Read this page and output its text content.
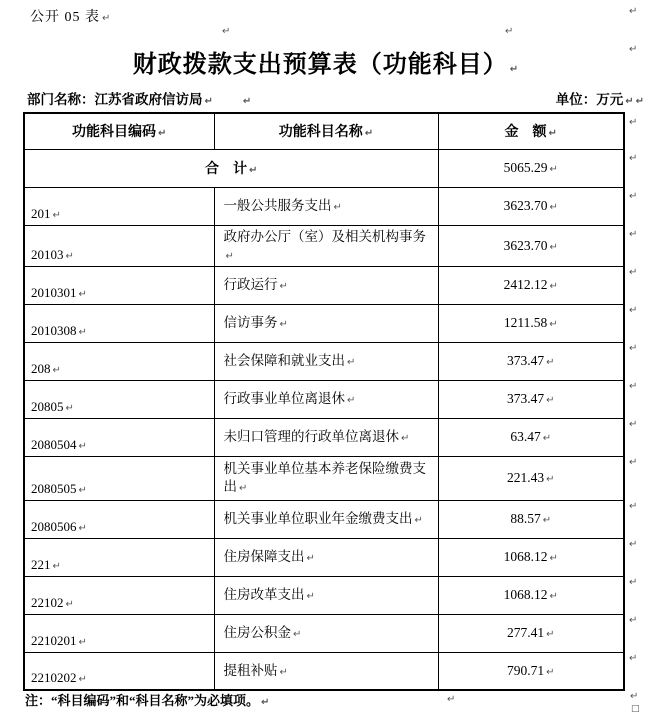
公开 05 表 ↵
↵
↵	↵
↵
财政拨款支出预算表（功能科目） ↵
部门名称：江苏省政府信访局 ↵	↵	单位：万元 ↵ ↵
功能科目编码 ↵	功能科目名称 ↵	金　额 ↵
合　计 ↵		5065.29 ↵
201 ↵	一般公共服务支出 ↵	3623.70 ↵
20103 ↵	政府办公厅（室）及相关机构事务↵	3623.70 ↵
2010301 ↵	行政运行 ↵	2412.12 ↵
2010308 ↵	信访事务 ↵	1211.58 ↵
208 ↵	社会保障和就业支出 ↵	373.47 ↵
20805 ↵	行政事业单位离退休 ↵	373.47 ↵
2080504 ↵	未归口管理的行政单位离退休 ↵	63.47 ↵
2080505 ↵	机关事业单位基本养老保险缴费支出 ↵	221.43 ↵
2080506 ↵	机关事业单位职业年金缴费支出 ↵	88.57 ↵
221 ↵	住房保障支出 ↵	1068.12 ↵
22102 ↵	住房改革支出 ↵	1068.12 ↵
2210201 ↵	住房公积金 ↵	277.41 ↵
2210202 ↵	提租补贴 ↵	790.71 ↵
↵
↵
↵
↵
↵
↵
↵
↵
↵
↵
↵
↵
↵
↵
↵
注：“科目编码”和“科目名称”为必填项。 ↵	↵	↵
□
